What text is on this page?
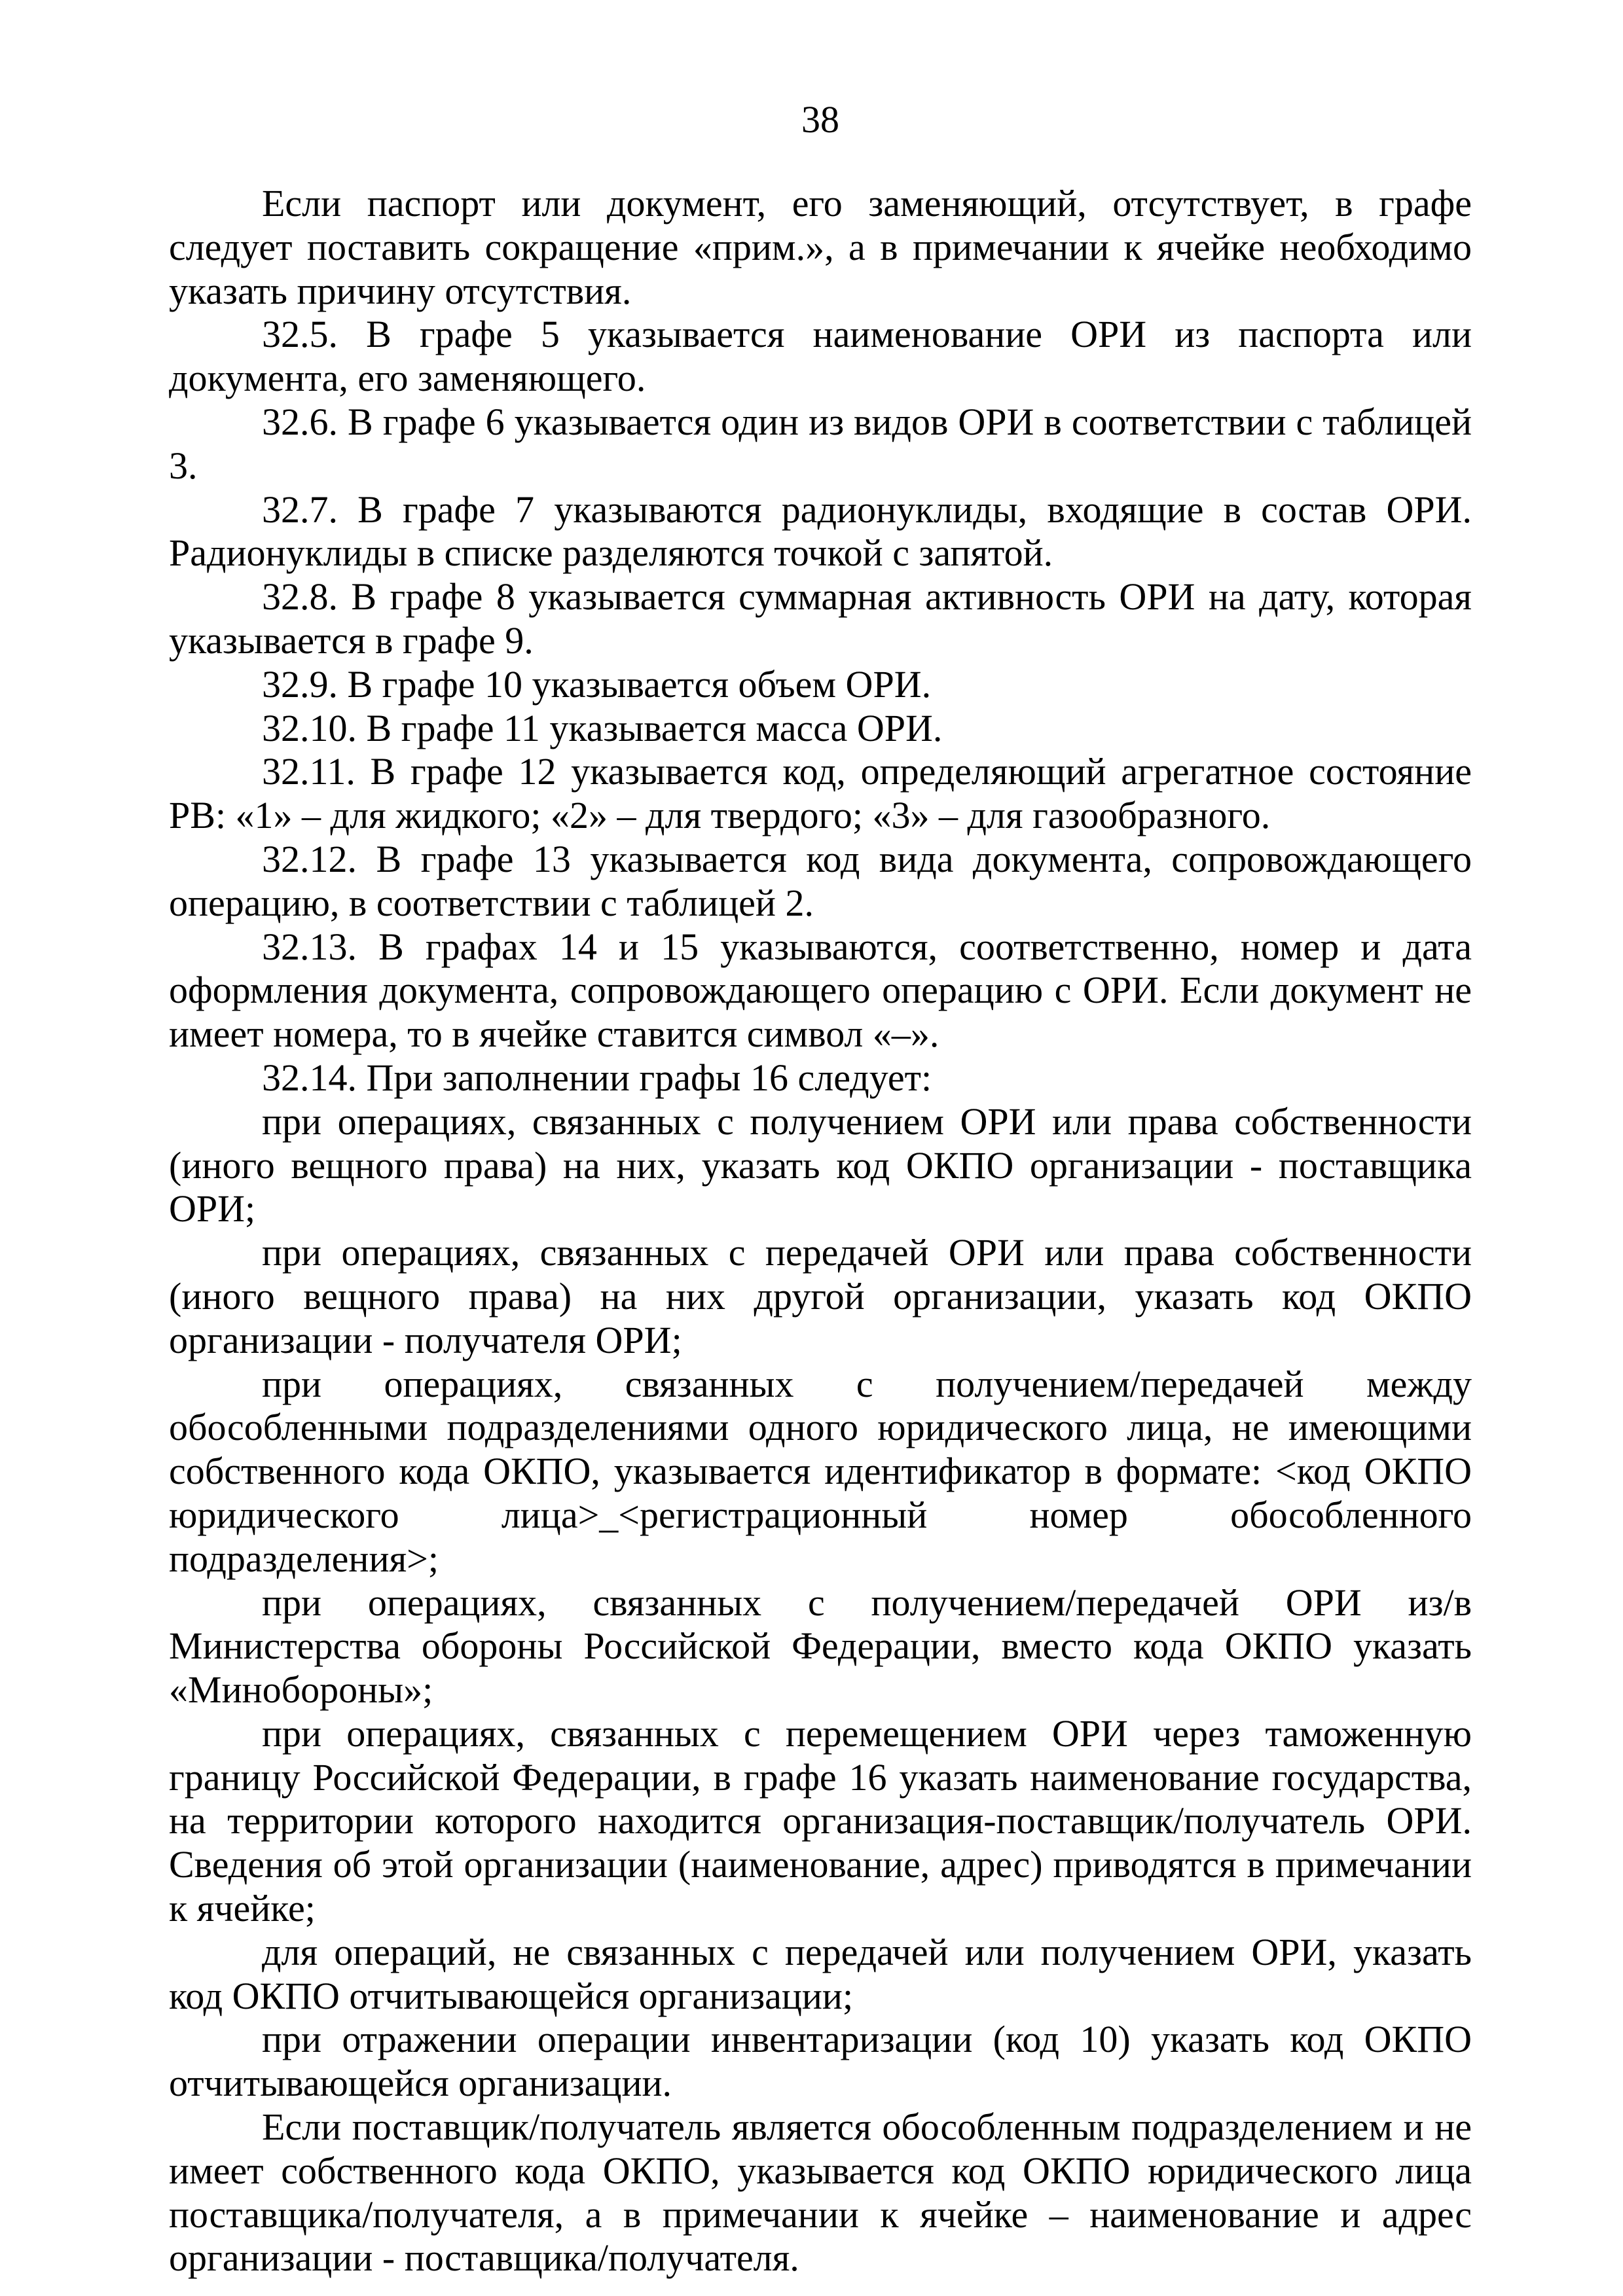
38

Если паспорт или документ, его заменяющий, отсутствует, в графе следует поставить сокращение «прим.», а в примечании к ячейке необходимо указать причину отсутствия.

32.5. В графе 5 указывается наименование ОРИ из паспорта или документа, его заменяющего.

32.6. В графе 6 указывается один из видов ОРИ в соответствии с таблицей 3.

32.7. В графе 7 указываются радионуклиды, входящие в состав ОРИ. Радионуклиды в списке разделяются точкой с запятой.

32.8. В графе 8 указывается суммарная активность ОРИ на дату, которая указывается в графе 9.

32.9. В графе 10 указывается объем ОРИ.

32.10. В графе 11 указывается масса ОРИ.

32.11. В графе 12 указывается код, определяющий агрегатное состояние РВ: «1» – для жидкого; «2» – для твердого; «3» – для газообразного.

32.12. В графе 13 указывается код вида документа, сопровождающего операцию, в соответствии с таблицей 2.

32.13. В графах 14 и 15 указываются, соответственно, номер и дата оформления документа, сопровождающего операцию с ОРИ. Если документ не имеет номера, то в ячейке ставится символ «–».

32.14. При заполнении графы 16 следует:

при операциях, связанных с получением ОРИ или права собственности (иного вещного права) на них, указать код ОКПО организации - поставщика ОРИ;

при операциях, связанных с передачей ОРИ или права собственности (иного вещного права) на них другой организации, указать код ОКПО организации - получателя ОРИ;

при операциях, связанных с получением/передачей между обособленными подразделениями одного юридического лица, не имеющими собственного кода ОКПО, указывается идентификатор в формате: <код ОКПО юридического лица>_<регистрационный номер обособленного подразделения>;

при операциях, связанных с получением/передачей ОРИ из/в Министерства обороны Российской Федерации, вместо кода ОКПО указать «Минобороны»;

при операциях, связанных с перемещением ОРИ через таможенную границу Российской Федерации, в графе 16 указать наименование государства, на территории которого находится организация-поставщик/получатель ОРИ. Сведения об этой организации (наименование, адрес) приводятся в примечании к ячейке;

для операций, не связанных с передачей или получением ОРИ, указать код ОКПО отчитывающейся организации;

при отражении операции инвентаризации (код 10) указать код ОКПО отчитывающейся организации.

Если поставщик/получатель является обособленным подразделением и не имеет собственного кода ОКПО, указывается код ОКПО юридического лица поставщика/получателя, а в примечании к ячейке – наименование и адрес организации - поставщика/получателя.
